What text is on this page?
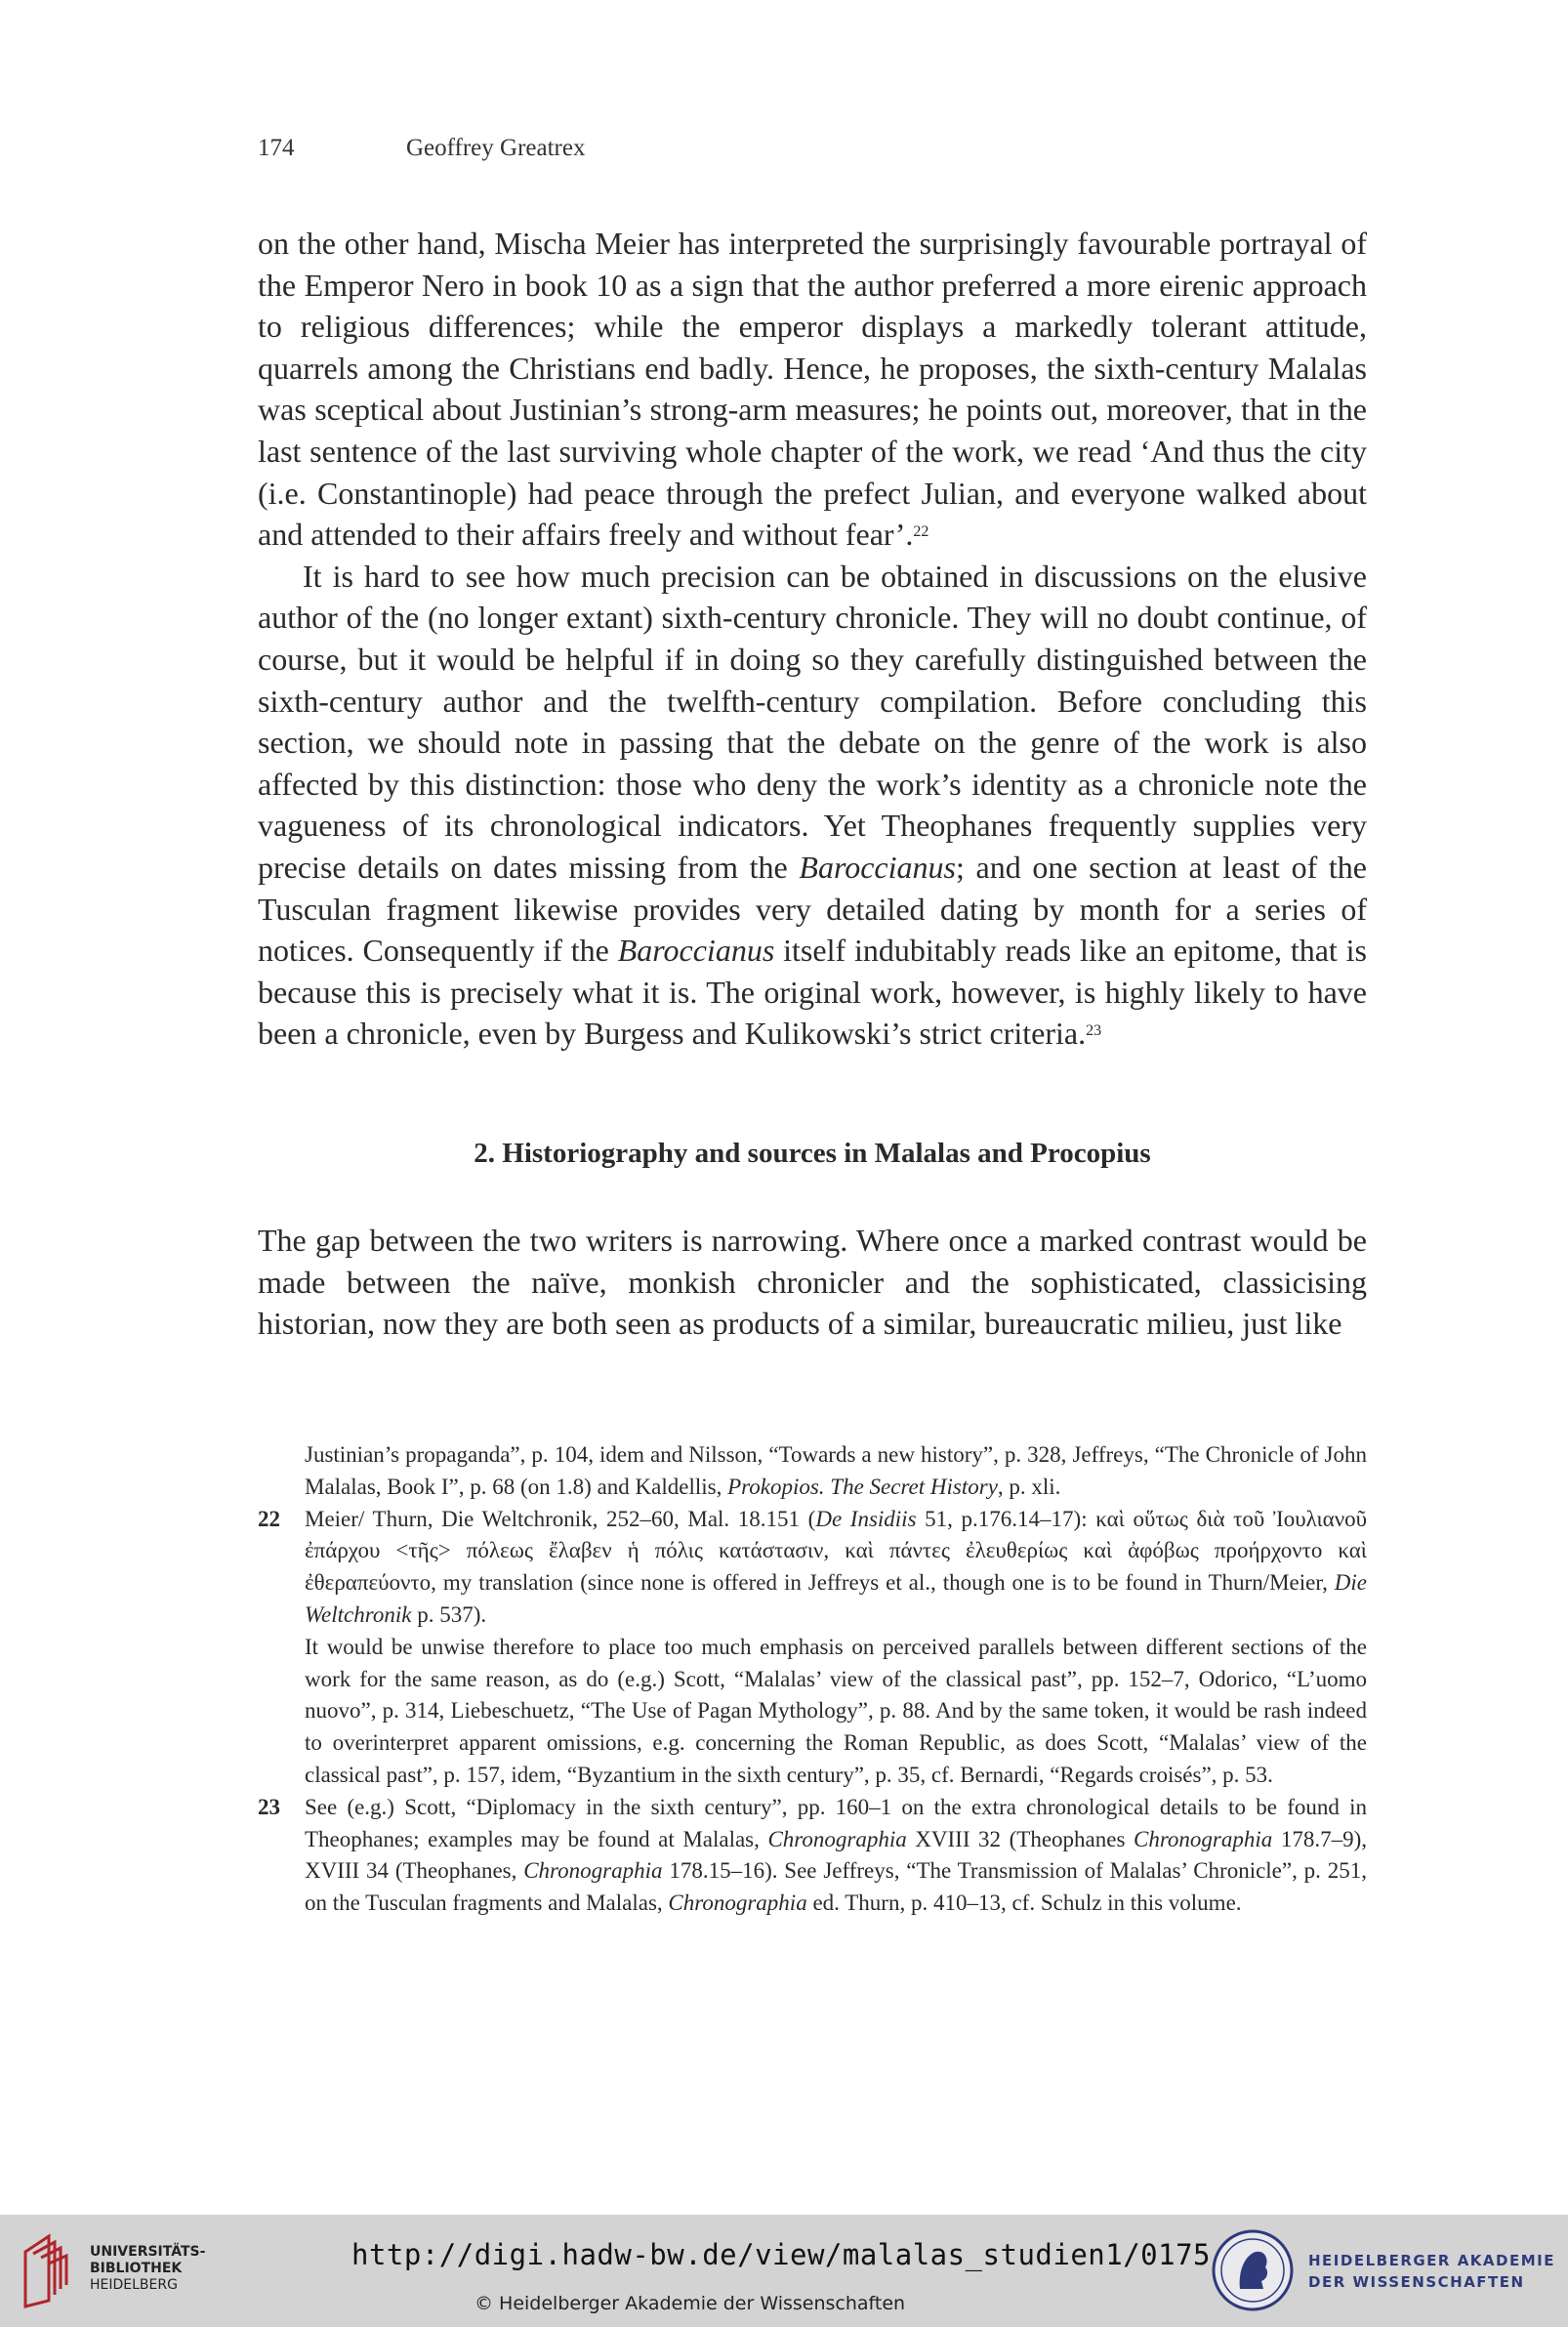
174	Geoffrey Greatrex

on the other hand, Mischa Meier has interpreted the surprisingly favourable portrayal of the Emperor Nero in book 10 as a sign that the author preferred a more eirenic approach to religious differences; while the emperor displays a markedly tolerant attitude, quarrels among the Christians end badly. Hence, he proposes, the sixth-century Malalas was sceptical about Justinian’s strong-arm measures; he points out, moreover, that in the last sentence of the last surviving whole chapter of the work, we read ‘And thus the city (i.e. Constantinople) had peace through the prefect Julian, and everyone walked about and attended to their affairs freely and without fear’.$^{22}$

It is hard to see how much precision can be obtained in discussions on the elusive author of the (no longer extant) sixth-century chronicle. They will no doubt continue, of course, but it would be helpful if in doing so they carefully distinguished between the sixth-century author and the twelfth-century compilation. Before concluding this section, we should note in passing that the debate on the genre of the work is also affected by this distinction: those who deny the work’s identity as a chronicle note the vagueness of its chronological indicators. Yet Theophanes frequently supplies very precise details on dates missing from the Baroccianus; and one section at least of the Tusculan fragment likewise provides very detailed dating by month for a series of notices. Consequently if the Baroccianus itself indubitably reads like an epitome, that is because this is precisely what it is. The original work, however, is highly likely to have been a chronicle, even by Burgess and Kulikowski’s strict criteria.$^{23}$

2. Historiography and sources in Malalas and Procopius

The gap between the two writers is narrowing. Where once a marked contrast would be made between the naïve, monkish chronicler and the sophisticated, classicising historian, now they are both seen as products of a similar, bureaucratic milieu, just like

Justinian’s propaganda”, p. 104, idem and Nilsson, “Towards a new history”, p. 328, Jeffreys, “The Chronicle of John Malalas, Book I”, p. 68 (on 1.8) and Kaldellis, Prokopios. The Secret History, p. xli.

22 Meier/ Thurn, Die Weltchronik, 252–60, Mal. 18.151 (De Insidiis 51, p.176.14–17): καὶ οὕτως διὰ τοῦ Ἰουλιανοῦ ἐπάρχου <τῆς> πόλεως ἔλαβεν ἡ πόλις κατάστασιν, καὶ πάντες ἐλευθερίως καὶ ἀφόβως προήρχοντο καὶ ἐθεραπεύοντο, my translation (since none is offered in Jeffreys et al., though one is to be found in Thurn/Meier, Die Weltchronik p. 537).

It would be unwise therefore to place too much emphasis on perceived parallels between different sections of the work for the same reason, as do (e.g.) Scott, “Malalas’ view of the classical past”, pp. 152–7, Odorico, “L’uomo nuovo”, p. 314, Liebeschuetz, “The Use of Pagan Mythology”, p. 88. And by the same token, it would be rash indeed to overinterpret apparent omissions, e.g. concerning the Roman Republic, as does Scott, “Malalas’ view of the classical past”, p. 157, idem, “Byzantium in the sixth century”, p. 35, cf. Bernardi, “Regards croisés”, p. 53.

23 See (e.g.) Scott, “Diplomacy in the sixth century”, pp. 160–1 on the extra chronological details to be found in Theophanes; examples may be found at Malalas, Chronographia XVIII 32 (Theophanes Chronographia 178.7–9), XVIII 34 (Theophanes, Chronographia 178.15–16). See Jeffreys, “The Transmission of Malalas’ Chronicle”, p. 251, on the Tusculan fragments and Malalas, Chronographia ed. Thurn, p. 410–13, cf. Schulz in this volume.

UNIVERSITÄTS-
BIBLIOTHEK
HEIDELBERG
http://digi.hadw-bw.de/view/malalas_studien1/0175
© Heidelberger Akademie der Wissenschaften
HEIDELBERGER AKADEMIE
DER WISSENSCHAFTEN
